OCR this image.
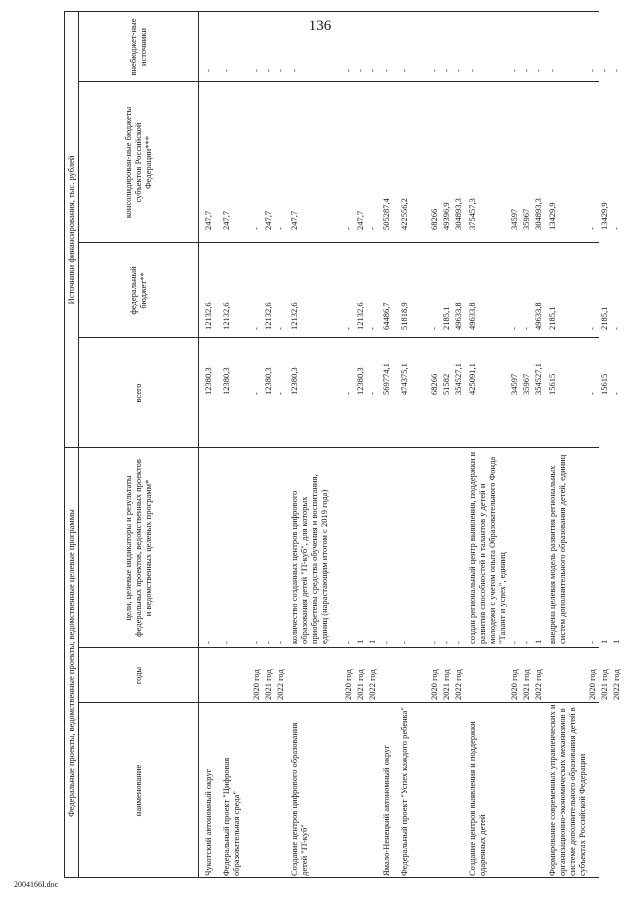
136
Федеральные проекты, ведомственные проекты, ведомственные целевые программы
Источники финансирования, тыс. рублей
наименование
годы
цели, целевые индикаторы и результаты федеральных проектов, ведомственных проектов и ведомственных целевых программ*
всего
федеральный бюджет**
консолидирован-ные бюджеты субъектов Российской Федерации***
внебюджет-ные источники
Чукотский автономный округ
-
12380,3
12132,6
247,7
-
Федеральный проект "Цифровая образовательная среда"
-
12380,3
12132,6
247,7
-
2020 год
-
-
-
-
-
2021 год
-
12380,3
12132,6
247,7
-
2022 год
-
-
-
-
-
Создание центров цифрового образования детей "IT-куб"
количество созданных центров цифрового образования детей "IT-куб", для которых приобретены средства обучения и воспитания, единиц (нарастающим итогом с 2019 года)
12380,3
12132,6
247,7
-
2020 год
-
-
-
-
-
2021 год
1
12380,3
12132,6
247,7
-
2022 год
1
-
-
-
-
Ямало-Ненецкий автономный округ
-
569774,1
64486,7
505287,4
-
Федеральный проект "Успех каждого ребенка"
-
474375,1
51818,9
422556,2
-
2020 год
-
68266
-
68266
-
2021 год
-
51582
2185,1
49396,9
-
2022 год
-
354527,1
49633,8
304893,3
-
Создание центров выявления и поддержки одаренных детей
создан региональный центр выявления, поддержки и развития способностей и талантов у детей и молодежи с учетом опыта Образовательного Фонда "Талант и успех", единиц
425091,1
49633,8
375457,3
-
2020 год
-
34597
-
34597
-
2021 год
-
35967
-
35967
-
2022 год
1
354527,1
49633,8
304893,3
-
Формирование современных управленческих и организационно-экономических механизмов в системе дополнительного образования детей в субъектах Российской Федерации
внедрена целевая модель развития региональных систем дополнительного образования детей, единиц
15615
2185,1
13429,9
-
2020 год
-
-
-
-
-
2021 год
1
15615
2185,1
13429,9
-
2022 год
1
-
-
-
-
2004166I.doc
